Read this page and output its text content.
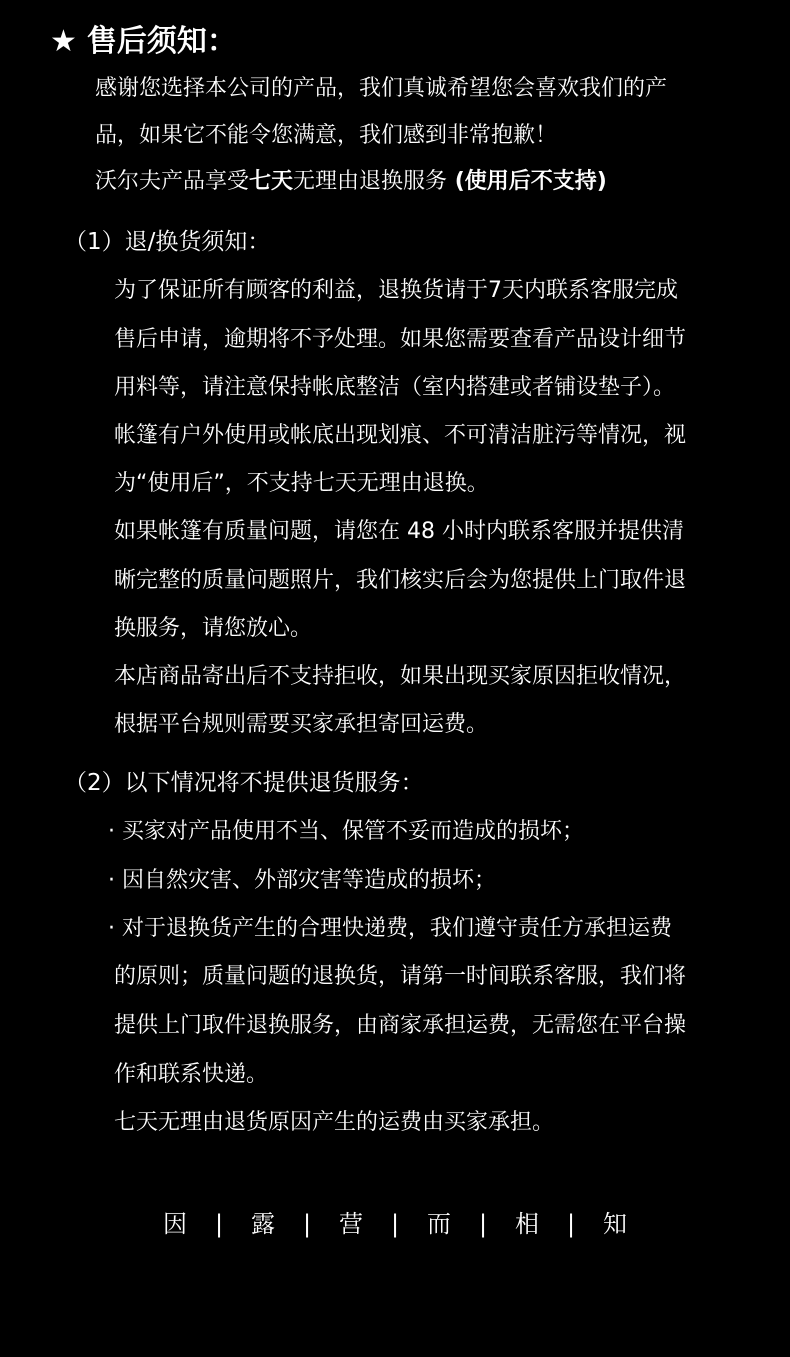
★ 售后须知：
感谢您选择本公司的产品，我们真诚希望您会喜欢我们的产
品，如果它不能令您满意，我们感到非常抱歉！
沃尔夫产品享受七天无理由退换服务 (使用后不支持)
（1）退/换货须知：
为了保证所有顾客的利益，退换货请于7天内联系客服完成
售后申请，逾期将不予处理。如果您需要查看产品设计细节
用料等，请注意保持帐底整洁（室内搭建或者铺设垫子）。
帐篷有户外使用或帐底出现划痕、不可清洁脏污等情况，视
为“使用后”，不支持七天无理由退换。
如果帐篷有质量问题，请您在 48 小时内联系客服并提供清
晰完整的质量问题照片，我们核实后会为您提供上门取件退
换服务，请您放心。
本店商品寄出后不支持拒收，如果出现买家原因拒收情况，
根据平台规则需要买家承担寄回运费。
（2）以下情况将不提供退货服务：
· 买家对产品使用不当、保管不妥而造成的损坏；
· 因自然灾害、外部灾害等造成的损坏；
· 对于退换货产生的合理快递费，我们遵守责任方承担运费
的原则；质量问题的退换货，请第一时间联系客服，我们将
提供上门取件退换服务，由商家承担运费，无需您在平台操
作和联系快递。
七天无理由退货原因产生的运费由买家承担。
因 | 露 | 营 | 而 | 相 | 知
